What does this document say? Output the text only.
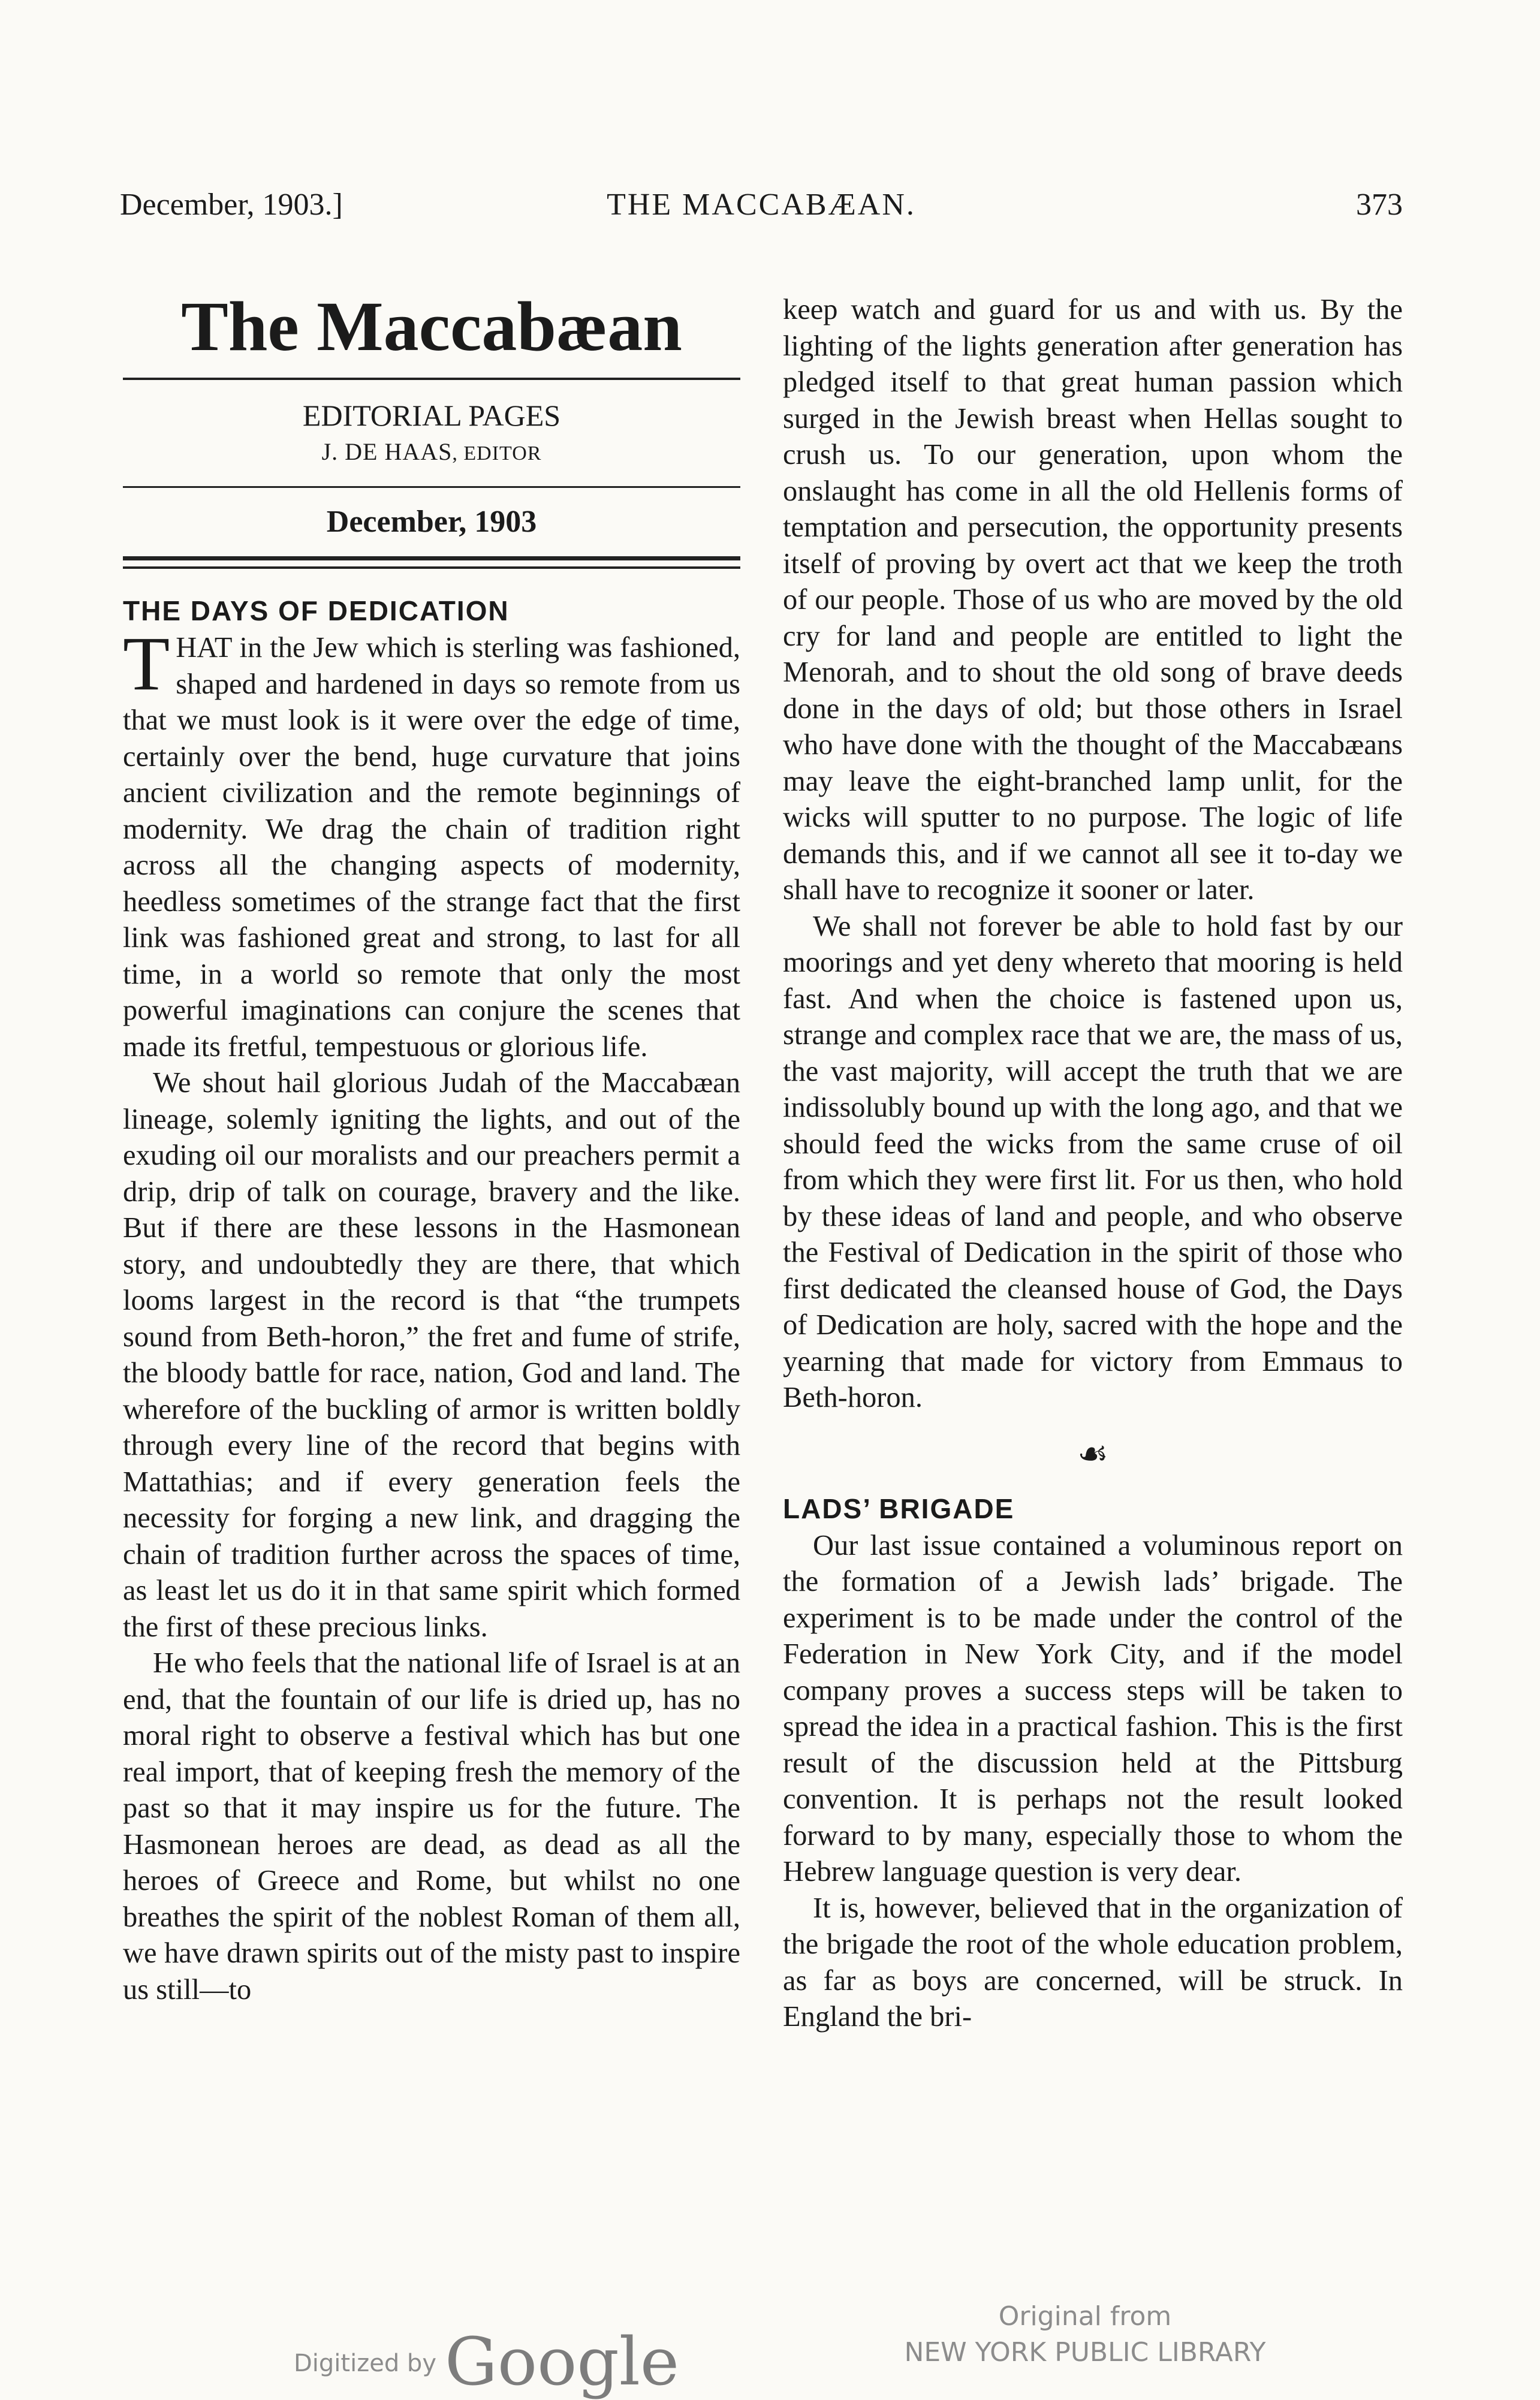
December, 1903.]	THE MACCABÆAN.	373
The Maccabæan
EDITORIAL PAGES
J. DE HAAS, EDITOR
December, 1903
THE DAYS OF DEDICATION

THAT in the Jew which is sterling was fashioned, shaped and hardened in days so remote from us that we must look is it were over the edge of time, certainly over the bend, huge curvature that joins ancient civilization and the remote beginnings of modernity. We drag the chain of tradition right across all the changing aspects of modernity, heedless sometimes of the strange fact that the first link was fashioned great and strong, to last for all time, in a world so remote that only the most powerful imaginations can conjure the scenes that made its fretful, tempestuous or glorious life.

We shout hail glorious Judah of the Maccabæan lineage, solemly igniting the lights, and out of the exuding oil our moralists and our preachers permit a drip, drip of talk on courage, bravery and the like. But if there are these lessons in the Hasmonean story, and undoubtedly they are there, that which looms largest in the record is that “the trumpets sound from Beth-horon,” the fret and fume of strife, the bloody battle for race, nation, God and land. The wherefore of the buckling of armor is written boldly through every line of the record that begins with Mattathias; and if every generation feels the necessity for forging a new link, and dragging the chain of tradition further across the spaces of time, as least let us do it in that same spirit which formed the first of these precious links.

He who feels that the national life of Israel is at an end, that the fountain of our life is dried up, has no moral right to observe a festival which has but one real import, that of keeping fresh the memory of the past so that it may inspire us for the future. The Hasmonean heroes are dead, as dead as all the heroes of Greece and Rome, but whilst no one breathes the spirit of the noblest Roman of them all, we have drawn spirits out of the misty past to inspire us still—to

keep watch and guard for us and with us. By the lighting of the lights generation after generation has pledged itself to that great human passion which surged in the Jewish breast when Hellas sought to crush us. To our generation, upon whom the onslaught has come in all the old Hellenis forms of temptation and persecution, the opportunity presents itself of proving by overt act that we keep the troth of our people. Those of us who are moved by the old cry for land and people are entitled to light the Menorah, and to shout the old song of brave deeds done in the days of old; but those others in Israel who have done with the thought of the Maccabæans may leave the eight-branched lamp unlit, for the wicks will sputter to no purpose. The logic of life demands this, and if we cannot all see it to-day we shall have to recognize it sooner or later.

We shall not forever be able to hold fast by our moorings and yet deny whereto that mooring is held fast. And when the choice is fastened upon us, strange and complex race that we are, the mass of us, the vast majority, will accept the truth that we are indissolubly bound up with the long ago, and that we should feed the wicks from the same cruse of oil from which they were first lit. For us then, who hold by these ideas of land and people, and who observe the Festival of Dedication in the spirit of those who first dedicated the cleansed house of God, the Days of Dedication are holy, sacred with the hope and the yearning that made for victory from Emmaus to Beth-horon.

☙
LADS’ BRIGADE

Our last issue contained a voluminous report on the formation of a Jewish lads’ brigade. The experiment is to be made under the control of the Federation in New York City, and if the model company proves a success steps will be taken to spread the idea in a practical fashion. This is the first result of the discussion held at the Pittsburg convention. It is perhaps not the result looked forward to by many, especially those to whom the Hebrew language question is very dear.

It is, however, believed that in the organization of the brigade the root of the whole education problem, as far as boys are concerned, will be struck. In England the bri-

Digitized by Google
Original from
NEW YORK PUBLIC LIBRARY
